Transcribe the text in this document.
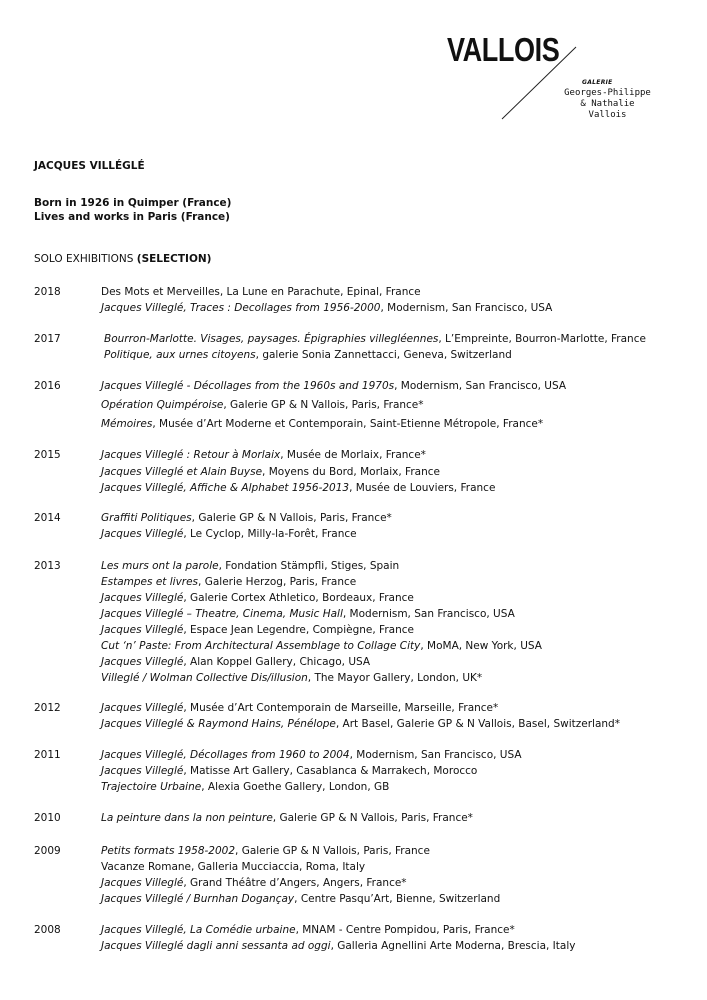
VALLOIS
GALERIE
Georges-Philippe
& Nathalie
Vallois
JACQUES VILLÉGLÉ
Born in 1926 in Quimper (France)
Lives and works in Paris (France)
SOLO EXHIBITIONS (SELECTION)
2018	Des Mots et Merveilles, La Lune en Parachute, Epinal, France
Jacques Villeglé, Traces : Decollages from 1956-2000, Modernism, San Francisco, USA
2017	Bourron-Marlotte. Visages, paysages. Épigraphies villegléennes, L’Empreinte, Bourron-Marlotte, France
Politique, aux urnes citoyens, galerie Sonia Zannettacci, Geneva, Switzerland
2016	Jacques Villeglé - Décollages from the 1960s and 1970s, Modernism, San Francisco, USA
Opération Quimpéroise, Galerie GP & N Vallois, Paris, France*
Mémoires, Musée d’Art Moderne et Contemporain, Saint-Etienne Métropole, France*
2015	Jacques Villeglé : Retour à Morlaix, Musée de Morlaix, France*
Jacques Villeglé et Alain Buyse, Moyens du Bord, Morlaix, France
Jacques Villeglé, Affiche & Alphabet 1956-2013, Musée de Louviers, France
2014	Graffiti Politiques, Galerie GP & N Vallois, Paris, France*
Jacques Villeglé, Le Cyclop, Milly-la-Forêt, France
2013	Les murs ont la parole, Fondation Stämpfli, Stiges, Spain
Estampes et livres, Galerie Herzog, Paris, France
Jacques Villeglé, Galerie Cortex Athletico, Bordeaux, France
Jacques Villeglé – Theatre, Cinema, Music Hall, Modernism, San Francisco, USA
Jacques Villeglé, Espace Jean Legendre, Compiègne, France
Cut ‘n’ Paste: From Architectural Assemblage to Collage City, MoMA, New York, USA
Jacques Villeglé, Alan Koppel Gallery, Chicago, USA
Villeglé / Wolman Collective Dis/illusion, The Mayor Gallery, London, UK*
2012	Jacques Villeglé, Musée d’Art Contemporain de Marseille, Marseille, France*
Jacques Villeglé & Raymond Hains, Pénélope, Art Basel, Galerie GP & N Vallois, Basel, Switzerland*
2011	Jacques Villeglé, Décollages from 1960 to 2004, Modernism, San Francisco, USA
Jacques Villeglé, Matisse Art Gallery, Casablanca & Marrakech, Morocco
Trajectoire Urbaine, Alexia Goethe Gallery, London, GB
2010	La peinture dans la non peinture, Galerie GP & N Vallois, Paris, France*
2009	Petits formats 1958-2002, Galerie GP & N Vallois, Paris, France
Vacanze Romane, Galleria Mucciaccia, Roma, Italy
Jacques Villeglé, Grand Théâtre d’Angers, Angers, France*
Jacques Villeglé / Burnhan Dogançay, Centre Pasqu’Art, Bienne, Switzerland
2008	Jacques Villeglé, La Comédie urbaine, MNAM - Centre Pompidou, Paris, France*
Jacques Villeglé dagli anni sessanta ad oggi, Galleria Agnellini Arte Moderna, Brescia, Italy
